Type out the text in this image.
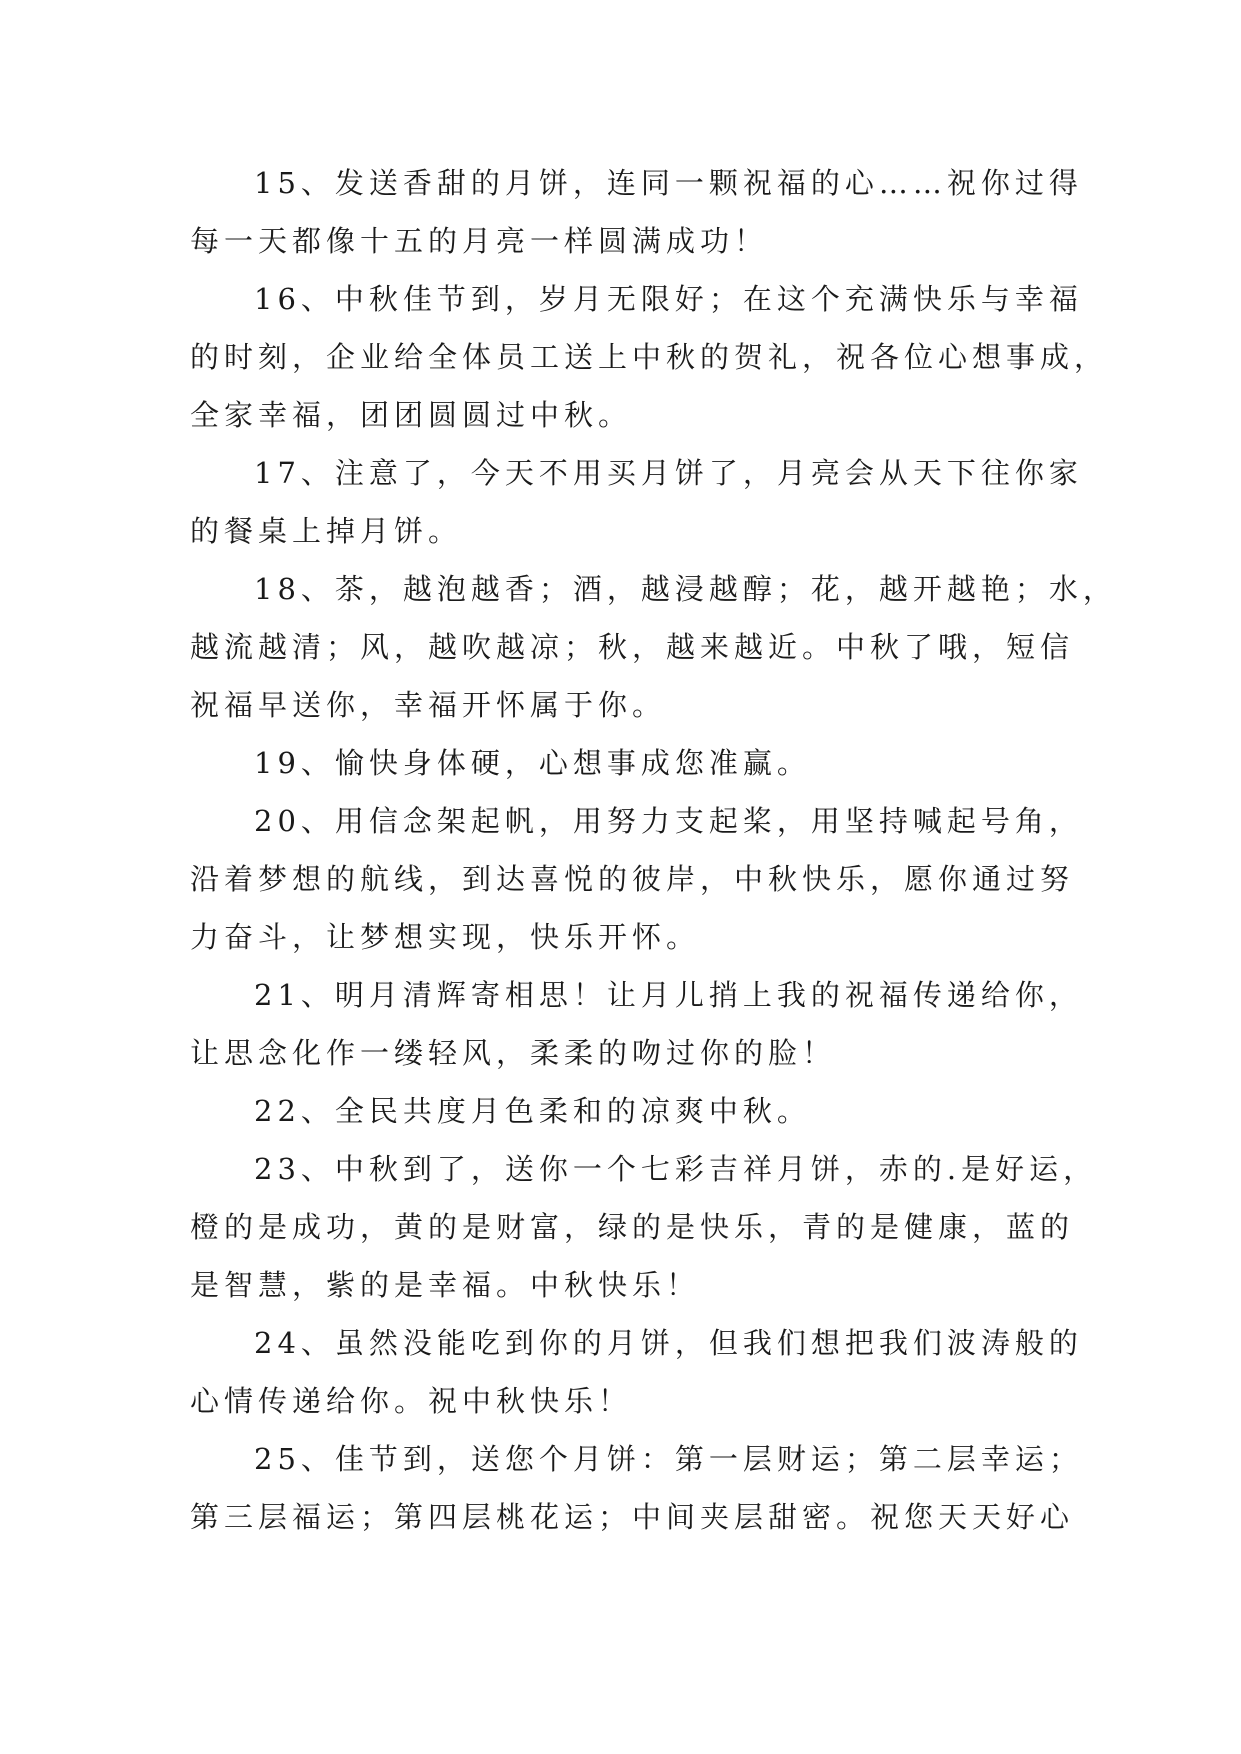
15、发送香甜的月饼，连同一颗祝福的心……祝你过得
每一天都像十五的月亮一样圆满成功！
16、中秋佳节到，岁月无限好；在这个充满快乐与幸福
的时刻，企业给全体员工送上中秋的贺礼，祝各位心想事成，
全家幸福，团团圆圆过中秋。
17、注意了，今天不用买月饼了，月亮会从天下往你家
的餐桌上掉月饼。
18、茶，越泡越香；酒，越浸越醇；花，越开越艳；水，
越流越清；风，越吹越凉；秋，越来越近。中秋了哦，短信
祝福早送你，幸福开怀属于你。
19、愉快身体硬，心想事成您准赢。
20、用信念架起帆，用努力支起桨，用坚持喊起号角，
沿着梦想的航线，到达喜悦的彼岸，中秋快乐，愿你通过努
力奋斗，让梦想实现，快乐开怀。
21、明月清辉寄相思！让月儿捎上我的祝福传递给你，
让思念化作一缕轻风，柔柔的吻过你的脸！
22、全民共度月色柔和的凉爽中秋。
23、中秋到了，送你一个七彩吉祥月饼，赤的.是好运，
橙的是成功，黄的是财富，绿的是快乐，青的是健康，蓝的
是智慧，紫的是幸福。中秋快乐！
24、虽然没能吃到你的月饼，但我们想把我们波涛般的
心情传递给你。祝中秋快乐！
25、佳节到，送您个月饼：第一层财运；第二层幸运；
第三层福运；第四层桃花运；中间夹层甜密。祝您天天好心
